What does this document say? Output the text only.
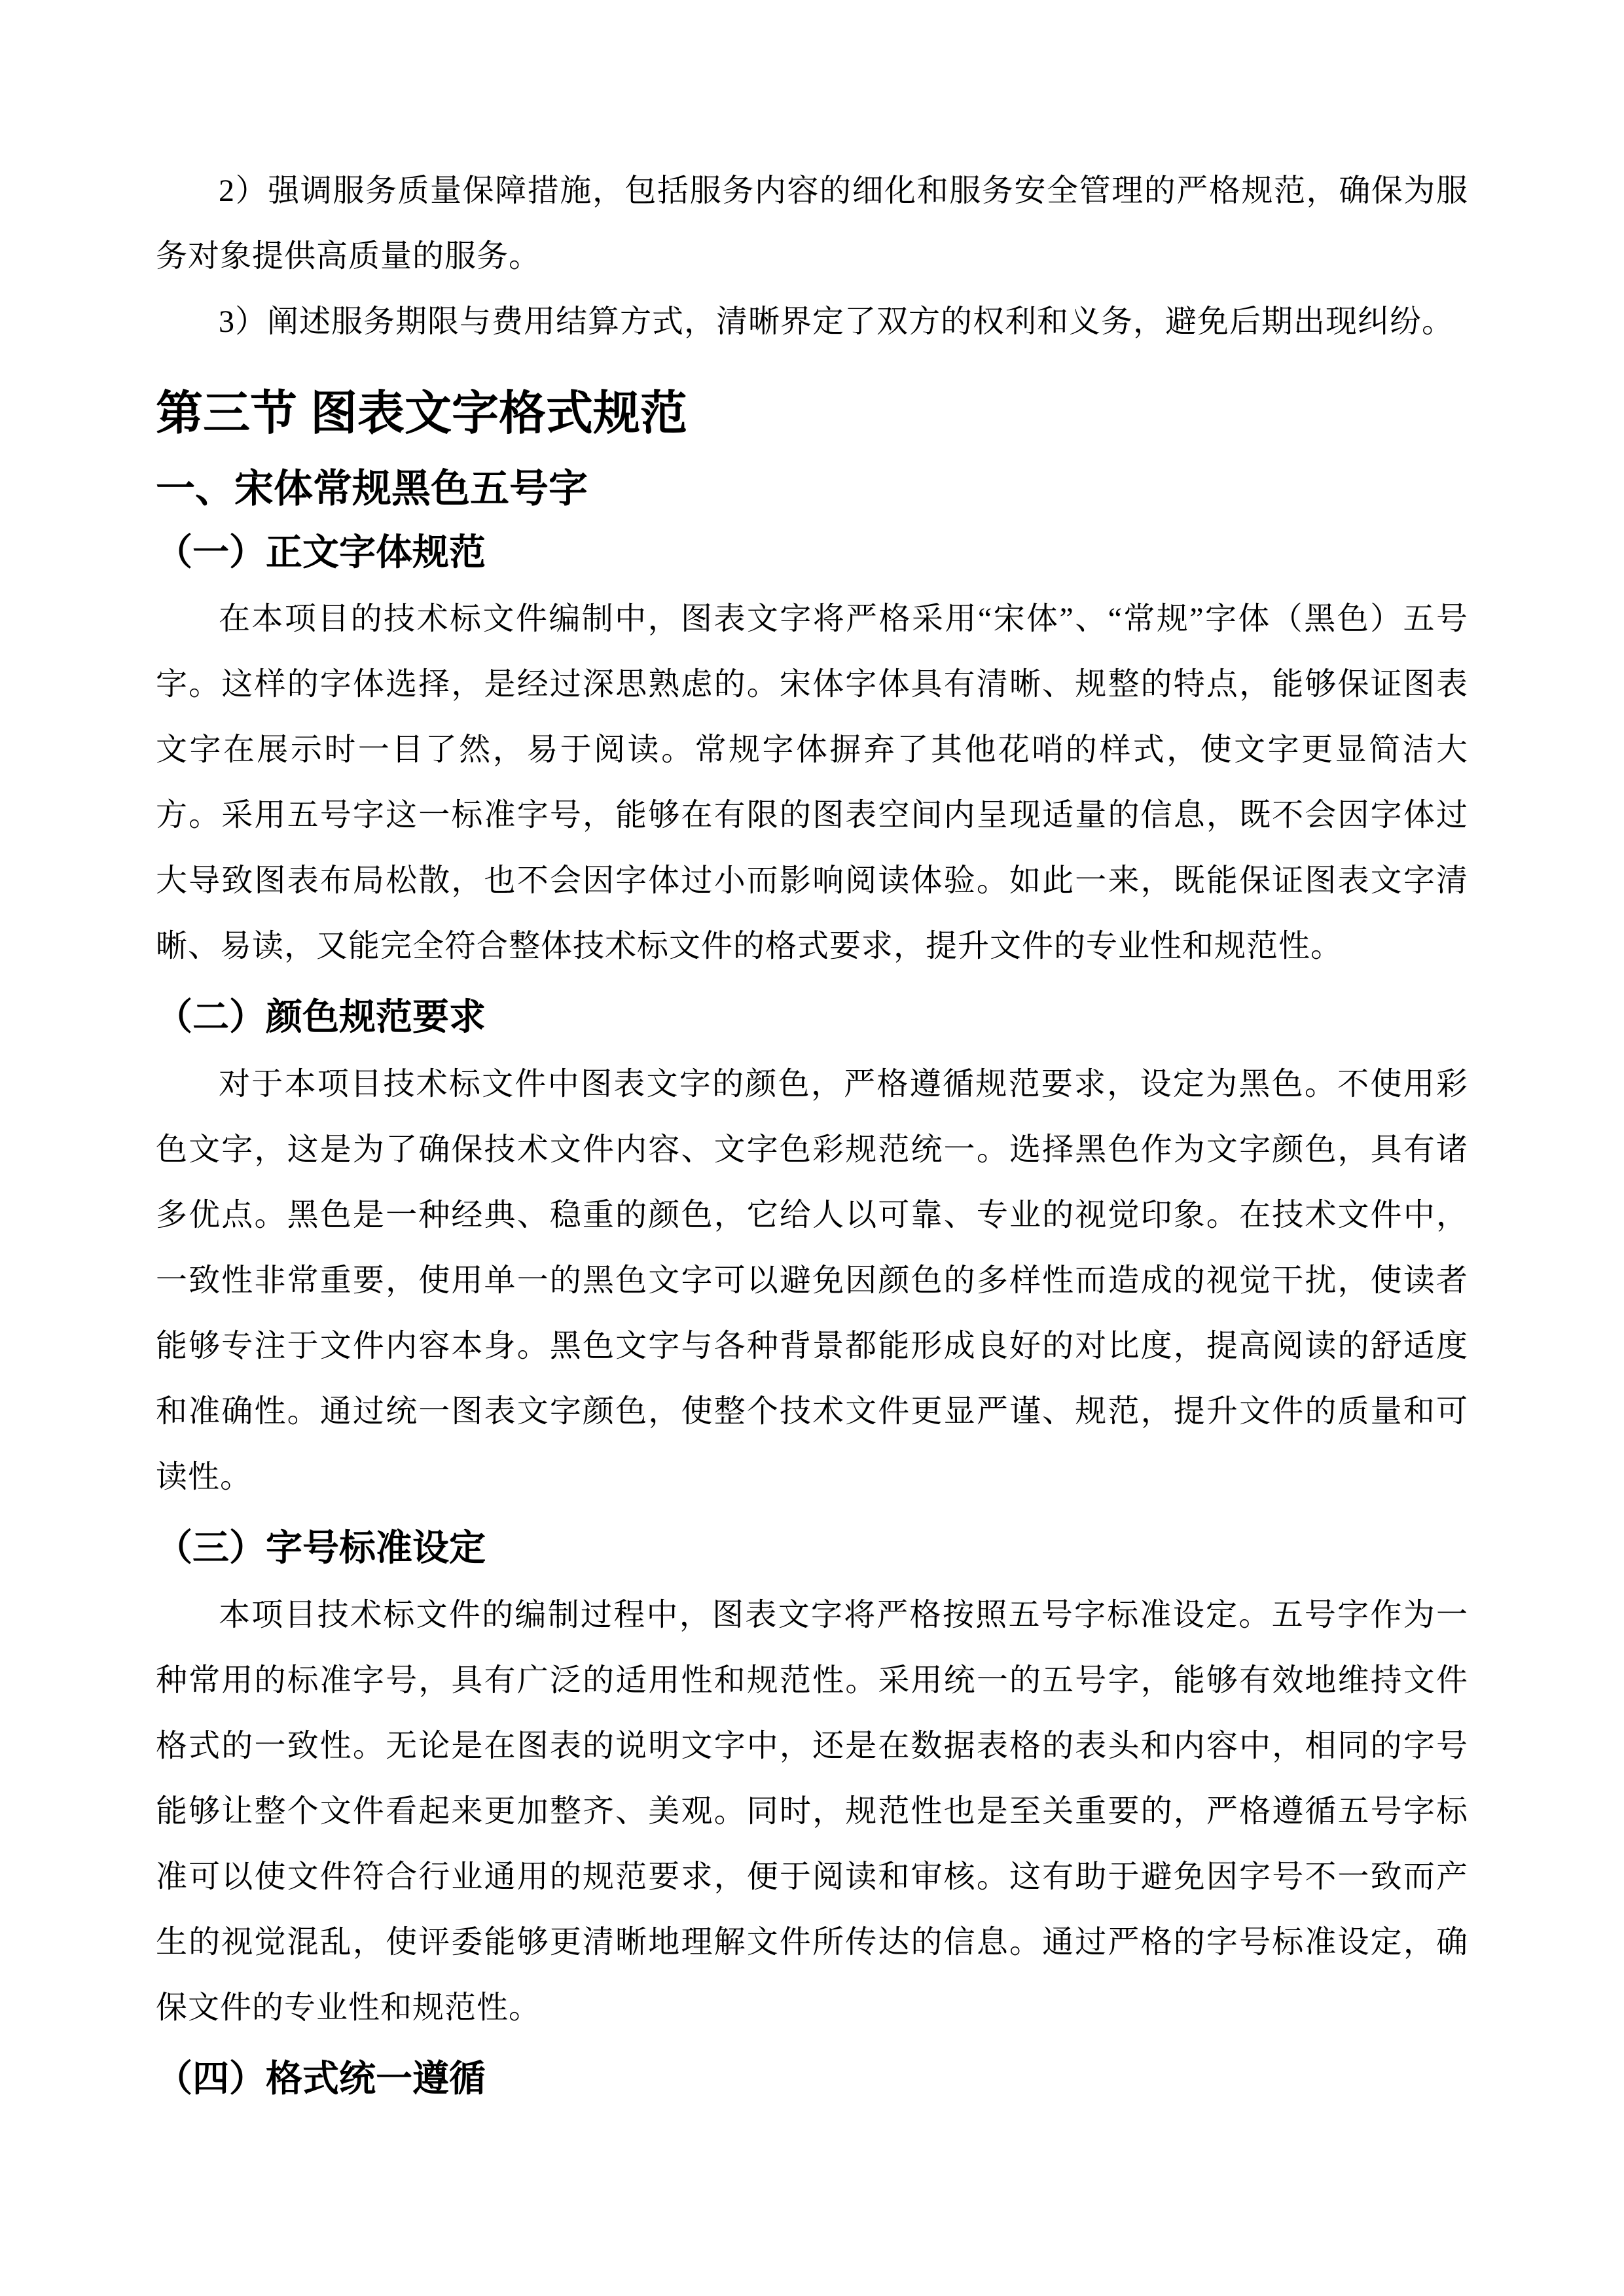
2）强调服务质量保障措施，包括服务内容的细化和服务安全管理的严格规范，确保为服务对象提供高质量的服务。

3）阐述服务期限与费用结算方式，清晰界定了双方的权利和义务，避免后期出现纠纷。

第三节 图表文字格式规范
一、宋体常规黑色五号字
（一）正文字体规范

在本项目的技术标文件编制中，图表文字将严格采用“宋体”、“常规”字体（黑色）五号字。这样的字体选择，是经过深思熟虑的。宋体字体具有清晰、规整的特点，能够保证图表文字在展示时一目了然，易于阅读。常规字体摒弃了其他花哨的样式，使文字更显简洁大方。采用五号字这一标准字号，能够在有限的图表空间内呈现适量的信息，既不会因字体过大导致图表布局松散，也不会因字体过小而影响阅读体验。如此一来，既能保证图表文字清晰、易读，又能完全符合整体技术标文件的格式要求，提升文件的专业性和规范性。

（二）颜色规范要求

对于本项目技术标文件中图表文字的颜色，严格遵循规范要求，设定为黑色。不使用彩色文字，这是为了确保技术文件内容、文字色彩规范统一。选择黑色作为文字颜色，具有诸多优点。黑色是一种经典、稳重的颜色，它给人以可靠、专业的视觉印象。在技术文件中，一致性非常重要，使用单一的黑色文字可以避免因颜色的多样性而造成的视觉干扰，使读者能够专注于文件内容本身。黑色文字与各种背景都能形成良好的对比度，提高阅读的舒适度和准确性。通过统一图表文字颜色，使整个技术文件更显严谨、规范，提升文件的质量和可读性。

（三）字号标准设定

本项目技术标文件的编制过程中，图表文字将严格按照五号字标准设定。五号字作为一种常用的标准字号，具有广泛的适用性和规范性。采用统一的五号字，能够有效地维持文件格式的一致性。无论是在图表的说明文字中，还是在数据表格的表头和内容中，相同的字号能够让整个文件看起来更加整齐、美观。同时，规范性也是至关重要的，严格遵循五号字标准可以使文件符合行业通用的规范要求，便于阅读和审核。这有助于避免因字号不一致而产生的视觉混乱，使评委能够更清晰地理解文件所传达的信息。通过严格的字号标准设定，确保文件的专业性和规范性。

（四）格式统一遵循
